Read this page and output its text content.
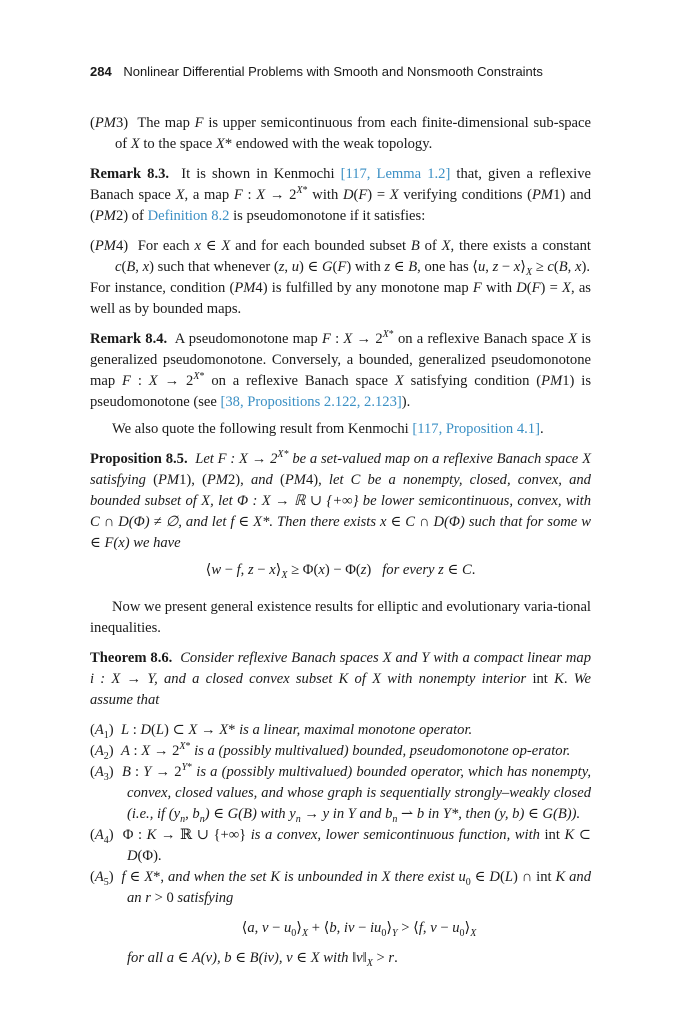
284 Nonlinear Differential Problems with Smooth and Nonsmooth Constraints

(PM3)  The map F is upper semicontinuous from each finite-dimensional sub-space of X to the space X* endowed with the weak topology.

Remark 8.3.  It is shown in Kenmochi [117, Lemma 1.2] that, given a reflexive Banach space X, a map F : $X \to 2^{X*}$ with D(F) = X verifying conditions (PM1) and (PM2) of Definition 8.2 is pseudomonotone if it satisfies:

(PM4)  For each x ∈ X and for each bounded subset B of X, there exists a constant c(B, x) such that whenever (z, u) ∈ G(F) with z ∈ B, one has ⟨u, $z - x⟩_X \ge c(B$, x).

For instance, condition (PM4) is fulfilled by any monotone map F with D(F) = X, as well as by bounded maps.

Remark 8.4.  A pseudomonotone map F : $X \to 2^{X*}$ on a reflexive Banach space X is generalized pseudomonotone. Conversely, a bounded, generalized pseudomonotone map F : $X \to 2^{X*}$ on a reflexive Banach space X satisfying condition (PM1) is pseudomonotone (see [38, Propositions 2.122, 2.123]).

We also quote the following result from Kenmochi [117, Proposition 4.1].

Proposition 8.5. Let F : $X \to 2^{X*}$ be a set-valued map on a reflexive Banach space X satisfying (PM1), (PM2), and (PM4), let C be a nonempty, closed, convex, and bounded subset of X, let Φ : X → ℝ ∪ {+∞} be lower semicontinuous, convex, with C ∩ D(Φ) ≠ ∅, and let f ∈ X*. Then there exists x ∈ C ∩ D(Φ) such that for some w ∈ F(x) we have

⟨w − f, $z - x⟩_X \ge \Phi(x) - \Phi(z)$   for every z ∈ C.

Now we present general existence results for elliptic and evolutionary varia-tional inequalities.

Theorem 8.6. Consider reflexive Banach spaces X and Y with a compact linear map i : X → Y, and a closed convex subset K of X with nonempty interior int K. We assume that

$(A_1)$ L : D(L) ⊂ X → X* is a linear, maximal monotone operator.

$(A_2)$ A : $X \to 2^{X*}$ is a (possibly multivalued) bounded, pseudomonotone op-erator.

$(A_3)$ B : $Y \to 2^{Y*}$ is a (possibly multivalued) bounded operator, which has nonempty, convex, closed values, and whose graph is sequentially strongly–weakly closed (i.e., if ($y_n$, $b_n$) ∈ G(B) with $y_n \to y$ in Y and $b_n$ ⇀ b in Y*, then (y, b) ∈ G(B)).

$(A_4)$  Φ : K → ℝ ∪ {+∞} is a convex, lower semicontinuous function, with int K ⊂ D(Φ).

$(A_5)$ f ∈ X*, and when the set K is unbounded in X there exist $u_0$ ∈ D(L) ∩ int K and an r > 0 satisfying

⟨a, $v - u_0⟩_X$ + ⟨b, iv − $iu_0⟩_Y$ > ⟨f, $v - u_0⟩_X$

for all a ∈ A(v), b ∈ B(iv), v ∈ X with $‖v‖_X > r$.
